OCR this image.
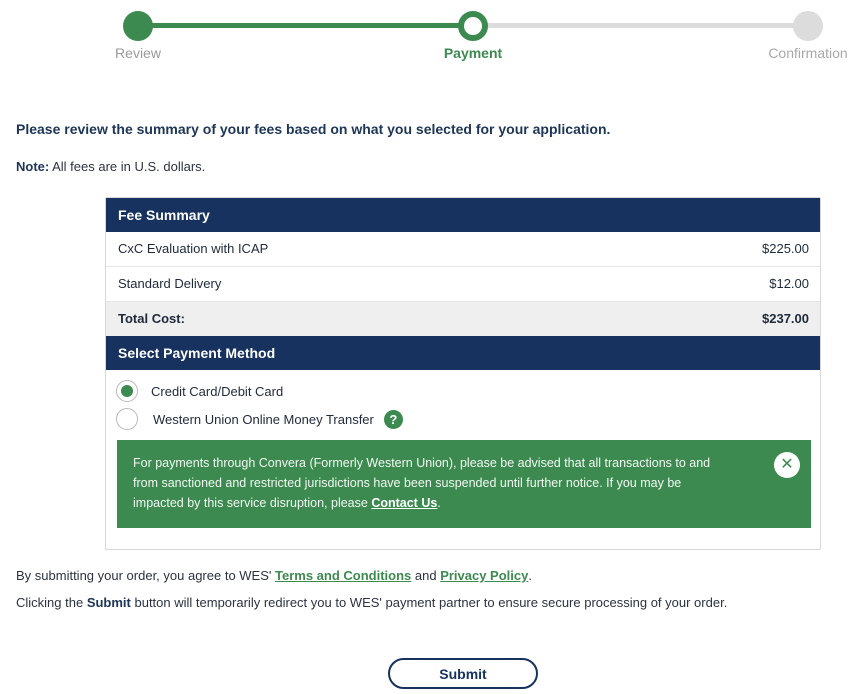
Review	Payment	Confirmation
Please review the summary of your fees based on what you selected for your application.
Note: All fees are in U.S. dollars.
Fee Summary
CxC Evaluation with ICAP	$225.00
Standard Delivery	$12.00
Total Cost:	$237.00
Select Payment Method
Credit Card/Debit Card
Western Union Online Money Transfer	?
For payments through Convera (Formerly Western Union), please be advised that all transactions to and from sanctioned and restricted jurisdictions have been suspended until further notice. If you may be impacted by this service disruption, please Contact Us.
✕
By submitting your order, you agree to WES' Terms and Conditions and Privacy Policy.
Clicking the Submit button will temporarily redirect you to WES' payment partner to ensure secure processing of your order.
Submit
